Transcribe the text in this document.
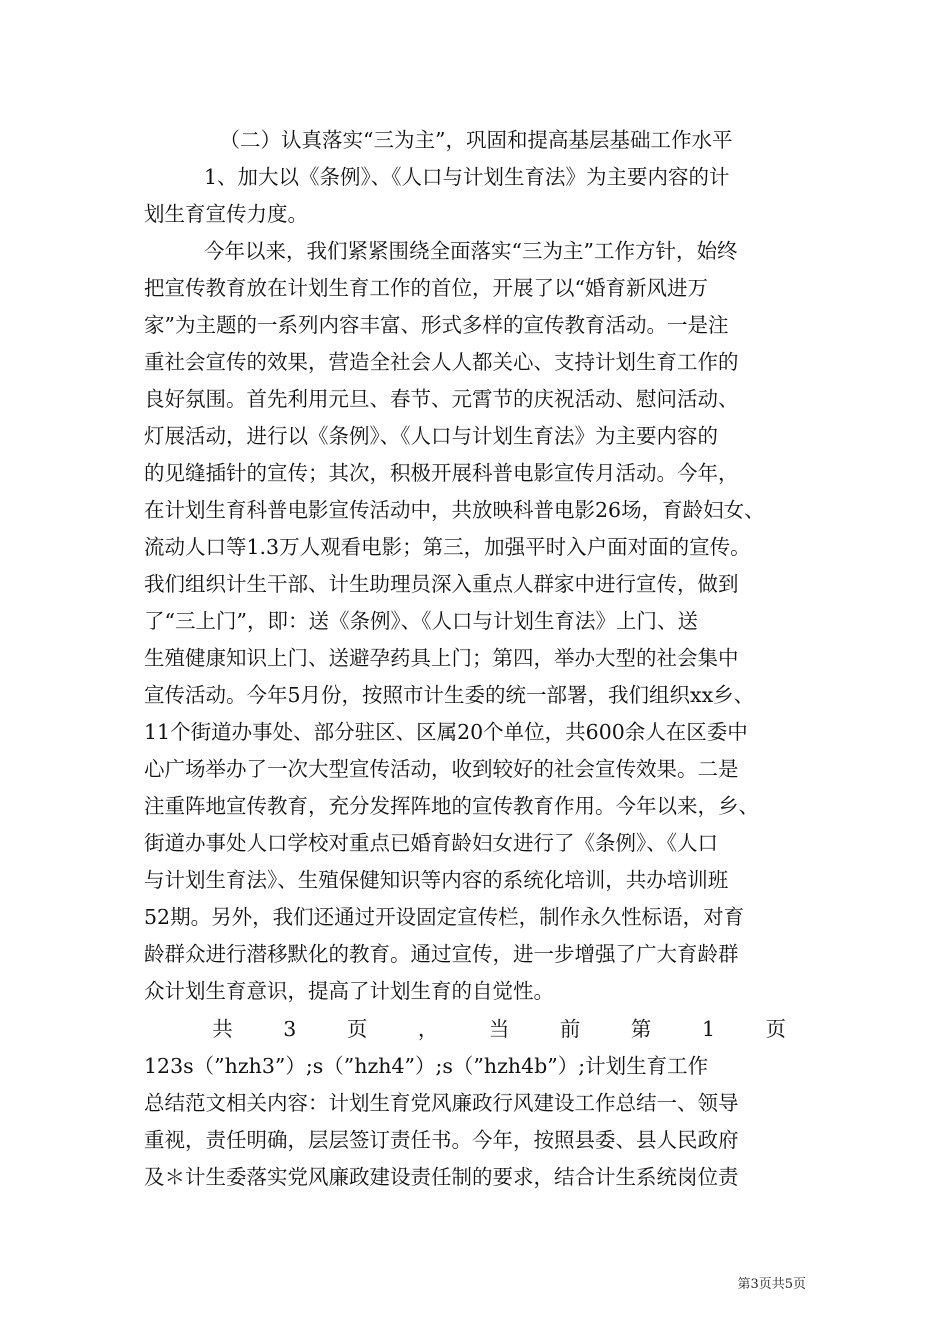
（二）认真落实“三为主”，巩固和提高基层基础工作水平
1、加大以《条例》、《人口与计划生育法》为主要内容的计
划生育宣传力度。
今年以来，我们紧紧围绕全面落实“三为主”工作方针，始终
把宣传教育放在计划生育工作的首位，开展了以“婚育新风进万
家”为主题的一系列内容丰富、形式多样的宣传教育活动。一是注
重社会宣传的效果，营造全社会人人都关心、支持计划生育工作的
良好氛围。首先利用元旦、春节、元霄节的庆祝活动、慰问活动、
灯展活动，进行以《条例》、《人口与计划生育法》为主要内容的
的见缝插针的宣传；其次，积极开展科普电影宣传月活动。今年，
在计划生育科普电影宣传活动中，共放映科普电影26场，育龄妇女、
流动人口等1.3万人观看电影；第三，加强平时入户面对面的宣传。
我们组织计生干部、计生助理员深入重点人群家中进行宣传，做到
了“三上门”，即：送《条例》、《人口与计划生育法》上门、送
生殖健康知识上门、送避孕药具上门；第四，举办大型的社会集中
宣传活动。今年5月份，按照市计生委的统一部署，我们组织xx乡、
11个街道办事处、部分驻区、区属20个单位，共600余人在区委中
心广场举办了一次大型宣传活动，收到较好的社会宣传效果。二是
注重阵地宣传教育，充分发挥阵地的宣传教育作用。今年以来，乡、
街道办事处人口学校对重点已婚育龄妇女进行了《条例》、《人口
与计划生育法》、生殖保健知识等内容的系统化培训，共办培训班
52期。另外，我们还通过开设固定宣传栏，制作永久性标语，对育
龄群众进行潜移默化的教育。通过宣传，进一步增强了广大育龄群
众计划生育意识，提高了计划生育的自觉性。
共 3 页 ， 当 前 第 1 页
123s（”hzh3”）;s（”hzh4”）;s（”hzh4b”）;计划生育工作
总结范文相关内容：计划生育党风廉政行风建设工作总结一、领导
重视，责任明确，层层签订责任书。今年，按照县委、县人民政府
及＊计生委落实党风廉政建设责任制的要求，结合计生系统岗位责
第3页共5页
